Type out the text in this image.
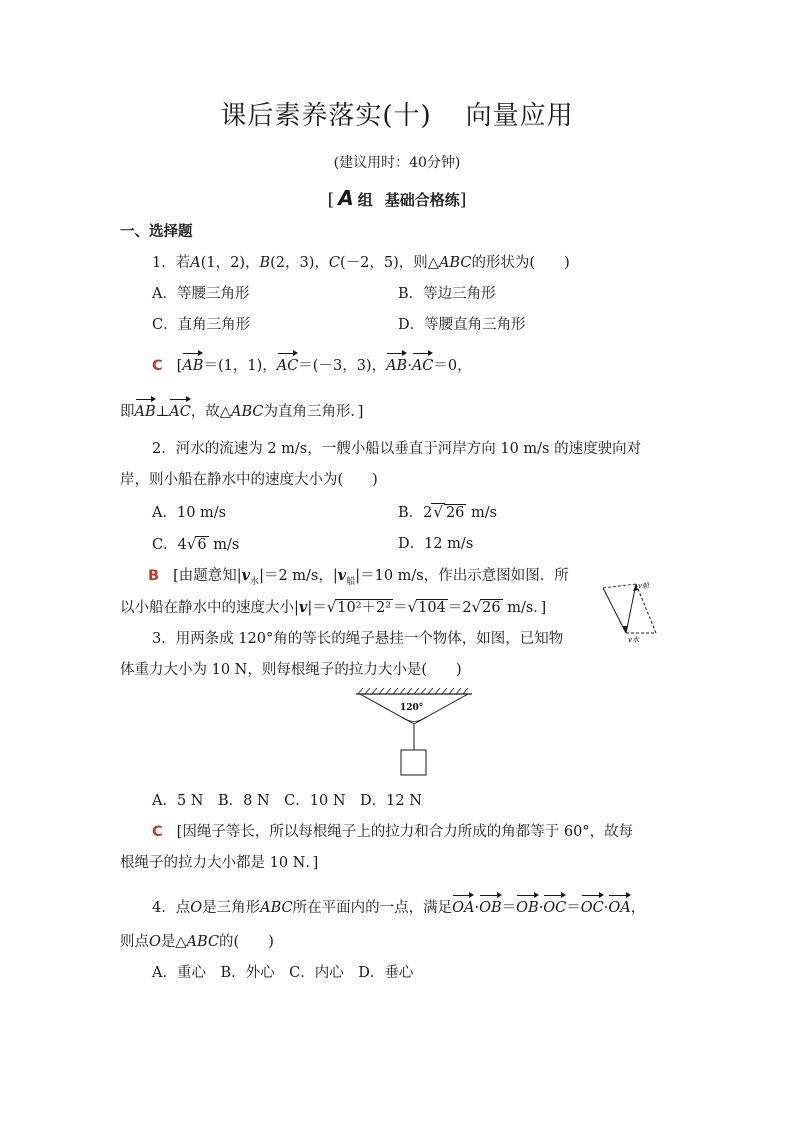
课后素养落实(十) 向量应用
(建议用时：40分钟)
[ A 组 基础合格练]
一、选择题
1．若A(1，2)，B(2，3)，C(－2，5)，则△ABC的形状为(　　)
A．等腰三角形	B．等边三角形
C．直角三角形	D．等腰直角三角形
C [AB＝(1，1)，AC＝(－3，3)，AB·AC＝0，
即AB⊥AC，故△ABC为直角三角形．]
2．河水的流速为 2 m/s，一艘小船以垂直于河岸方向 10 m/s 的速度驶向对
岸，则小船在静水中的速度大小为(　　)
A．10 m/s	B．2√ 26 m/s
C．4√6 m/s	D．12 m/s
B [由题意知$|v_水|=2$ m/s，$|v_船|=10$ m/s，作出示意图如图．所
以小船在静水中的速度大小|v|＝√10²＋2² ＝√104 ＝2√26 m/s．]
v船
v水
3．用两条成 120°角的等长的绳子悬挂一个物体，如图，已知物
体重力大小为 10 N，则每根绳子的拉力大小是(　　)
120°
A．5 N　B．8 N　C．10 N　D．12 N
C [因绳子等长，所以每根绳子上的拉力和合力所成的角都等于 60°，故每
根绳子的拉力大小都是 10 N．]
4．点O是三角形ABC所在平面内的一点，满足OA·OB＝OB·OC＝OC·OA，
则点O是△ABC的(　　)
A．重心　B．外心　C．内心　D．垂心
